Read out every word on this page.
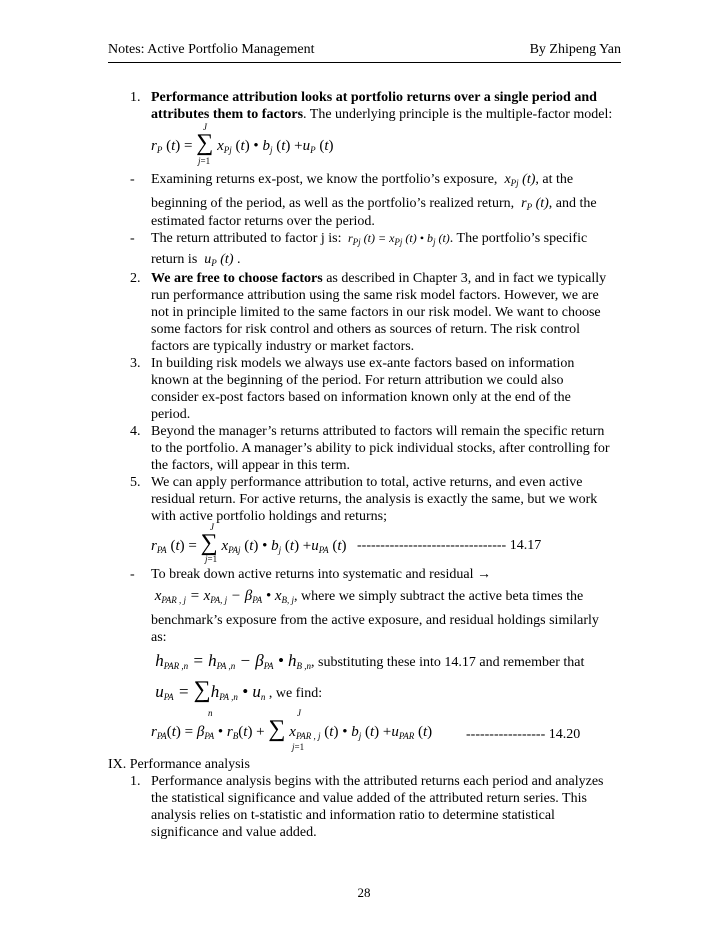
Notes: Active Portfolio Management	By Zhipeng Yan
1. Performance attribution looks at portfolio returns over a single period and
attributes them to factors. The underlying principle is the multiple-factor model:
J
$r_P$ (t) = ∑ $x_{Pj}$ (t) • $b_j$ $(t) +u_P$ (t)
j=1
- Examining returns ex-post, we know the portfolio’s exposure,  $x_{Pj}$ (t), at the
beginning of the period, as well as the portfolio’s realized return,  $r_P$ (t), and the
estimated factor returns over the period.
- The return attributed to factor j is:  $r_{Pj}$ $(t) = x_{Pj}$ (t) • $b_j$ (t). The portfolio’s specific
return is  $u_P$ (t) .
2. We are free to choose factors as described in Chapter 3, and in fact we typically
run performance attribution using the same risk model factors. However, we are
not in principle limited to the same factors in our risk model. We want to choose
some factors for risk control and others as sources of return. The risk control
factors are typically industry or market factors.
3. In building risk models we always use ex-ante factors based on information
known at the beginning of the period. For return attribution we could also
consider ex-post factors based on information known only at the end of the
period.
4. Beyond the manager’s returns attributed to factors will remain the specific return
to the portfolio. A manager’s ability to pick individual stocks, after controlling for
the factors, will appear in this term.
5. We can apply performance attribution to total, active returns, and even active
residual return. For active returns, the analysis is exactly the same, but we work
with active portfolio holdings and returns;
J
$r_{PA}$ (t) = ∑ $x_{PAj}$ (t) • $b_j$ $(t) +u_{PA}$ (t)
j=1
-------------------------------- 14.17
- To break down active returns into systematic and residual →
$x_{PAR , j} = x_{PA, j} - \beta_{PA}$ • $x_{B, j}$, where we simply subtract the active beta times the
benchmark’s exposure from the active exposure, and residual holdings similarly
as:
$h_{PAR ,n} = h_{PA ,n} - \beta_{PA}$ • $h_{B ,n}$, substituting these into 14.17 and remember that
$u_{PA} = \sum h_{PA ,n}$ • $u_n$ , we find:
n	J
$r_{PA}(t) = \beta_{PA}$ • $r_B(t)$ + ∑ $x_{PAR , j}$ (t) • $b_j$ $(t) +u_{PAR}$ (t)
j=1
----------------- 14.20
IX. Performance analysis
1. Performance analysis begins with the attributed returns each period and analyzes
the statistical significance and value added of the attributed return series. This
analysis relies on t-statistic and information ratio to determine statistical
significance and value added.
28
